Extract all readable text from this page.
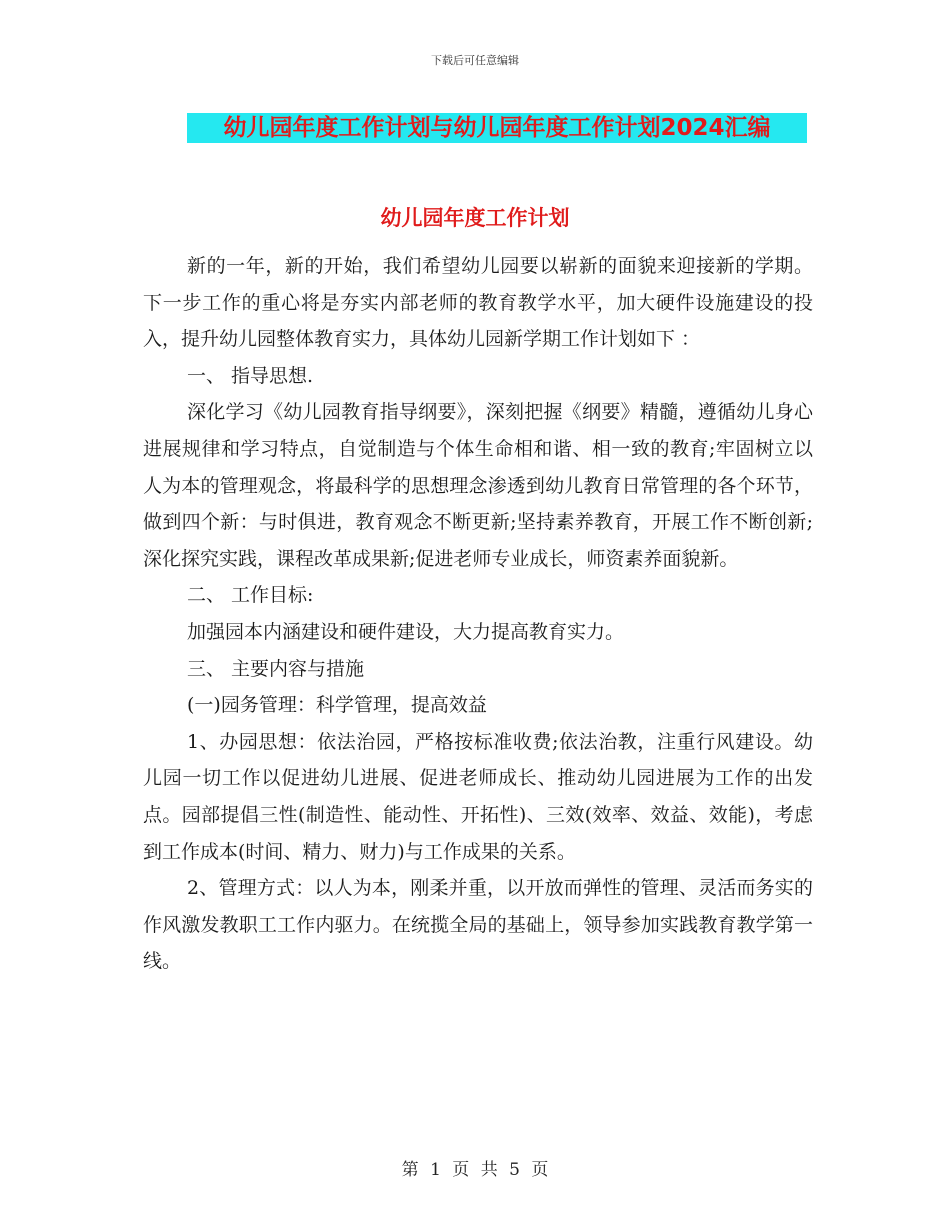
下载后可任意编辑
幼儿园年度工作计划与幼儿园年度工作计划2024汇编
幼儿园年度工作计划

新的一年，新的开始，我们希望幼儿园要以崭新的面貌来迎接新的学期。下一步工作的重心将是夯实内部老师的教育教学水平，加大硬件设施建设的投入，提升幼儿园整体教育实力，具体幼儿园新学期工作计划如下 ：

一、 指导思想.

深化学习《幼儿园教育指导纲要》，深刻把握《纲要》精髓，遵循幼儿身心进展规律和学习特点，自觉制造与个体生命相和谐、相一致的教育;牢固树立以人为本的管理观念，将最科学的思想理念渗透到幼儿教育日常管理的各个环节，做到四个新：与时俱进，教育观念不断更新;坚持素养教育，开展工作不断创新;深化探究实践，课程改革成果新;促进老师专业成长，师资素养面貌新。

二、 工作目标:

加强园本内涵建设和硬件建设，大力提高教育实力。

三、 主要内容与措施

(一)园务管理：科学管理，提高效益

1、办园思想：依法治园，严格按标准收费;依法治教，注重行风建设。幼儿园一切工作以促进幼儿进展、促进老师成长、推动幼儿园进展为工作的出发点。园部提倡三性(制造性、能动性、开拓性)、三效(效率、效益、效能)，考虑到工作成本(时间、精力、财力)与工作成果的关系。

2、管理方式：以人为本，刚柔并重，以开放而弹性的管理、灵活而务实的作风激发教职工工作内驱力。在统揽全局的基础上，领导参加实践教育教学第一线。

第 1 页 共 5 页
